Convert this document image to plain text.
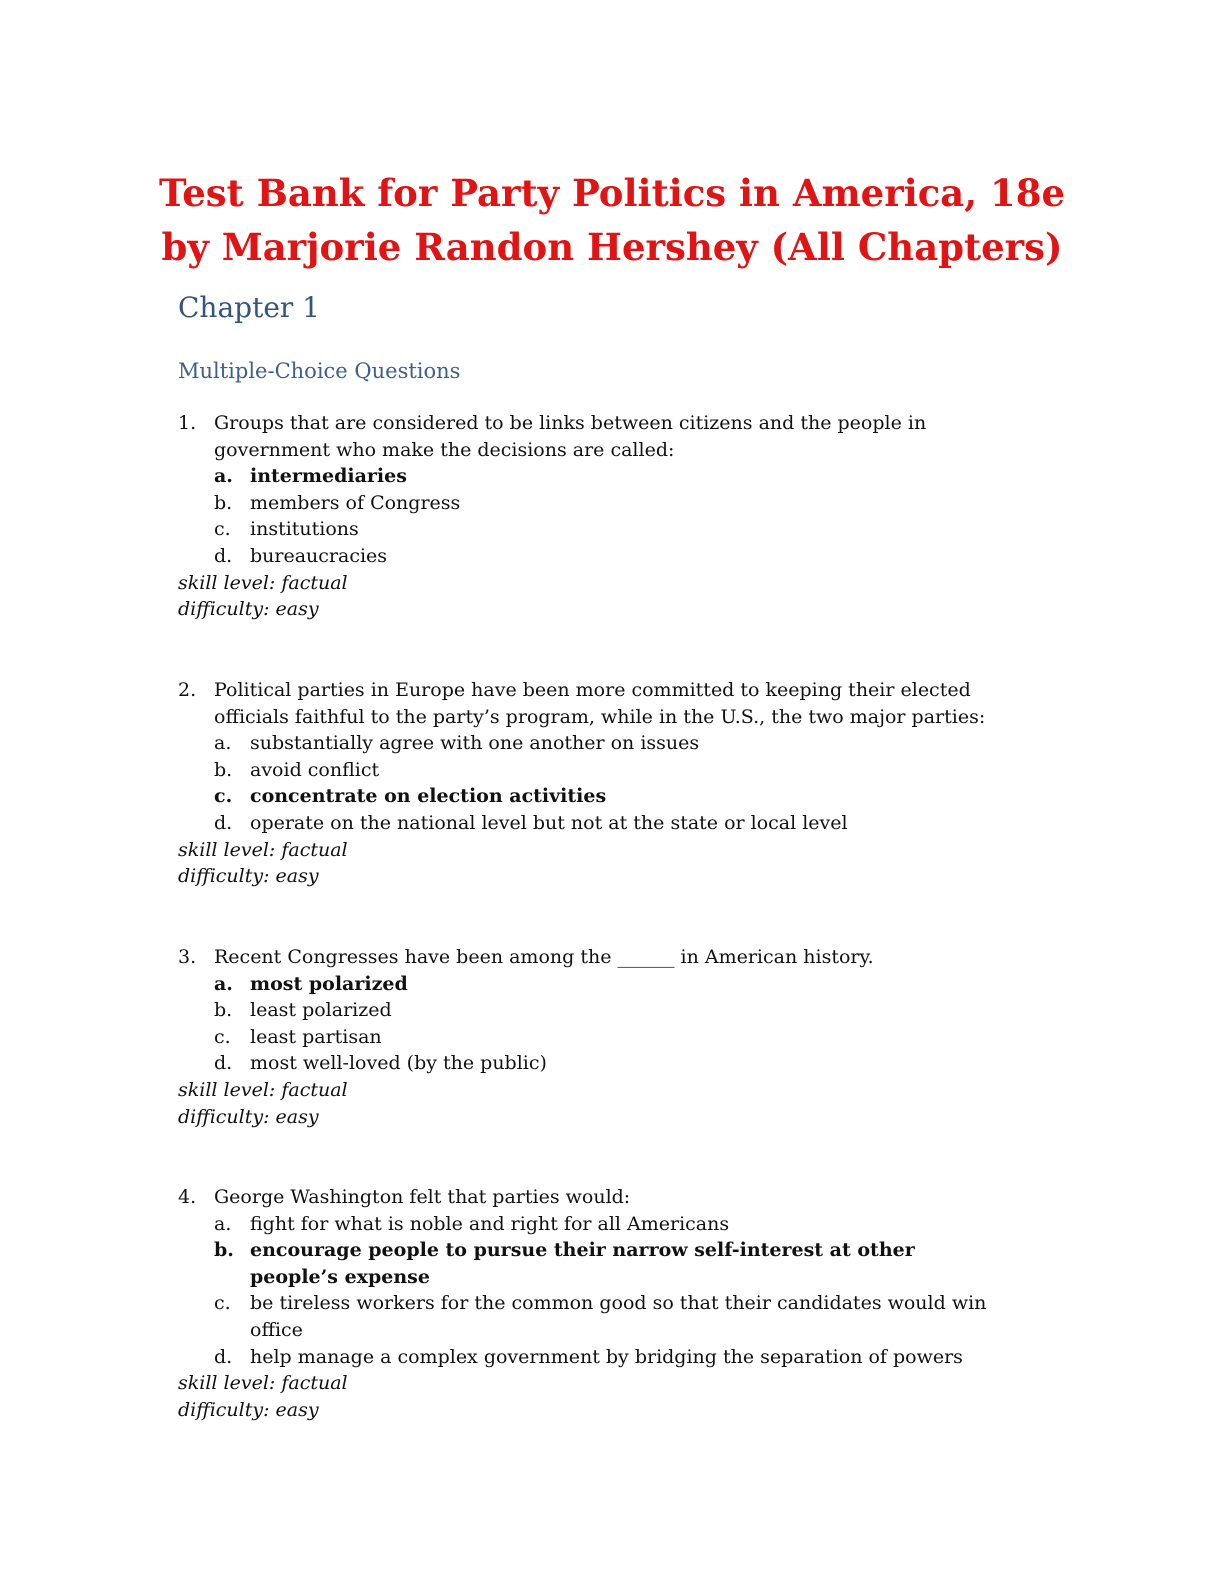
Test Bank for Party Politics in America, 18e
by Marjorie Randon Hershey (All Chapters)
Chapter 1
Multiple-Choice Questions
1. Groups that are considered to be links between citizens and the people in government who make the decisions are called:
a. intermediaries
b. members of Congress
c. institutions
d. bureaucracies

skill level: factual

difficulty: easy

2. Political parties in Europe have been more committed to keeping their elected officials faithful to the party’s program, while in the U.S., the two major parties:
a. substantially agree with one another on issues
b. avoid conflict
c. concentrate on election activities
d. operate on the national level but not at the state or local level

skill level: factual

difficulty: easy

3. Recent Congresses have been among the ______ in American history.
a. most polarized
b. least polarized
c. least partisan
d. most well-loved (by the public)

skill level: factual

difficulty: easy

4. George Washington felt that parties would:
a. fight for what is noble and right for all Americans
b. encourage people to pursue their narrow self-interest at other people’s expense
c. be tireless workers for the common good so that their candidates would win office
d. help manage a complex government by bridging the separation of powers

skill level: factual

difficulty: easy
